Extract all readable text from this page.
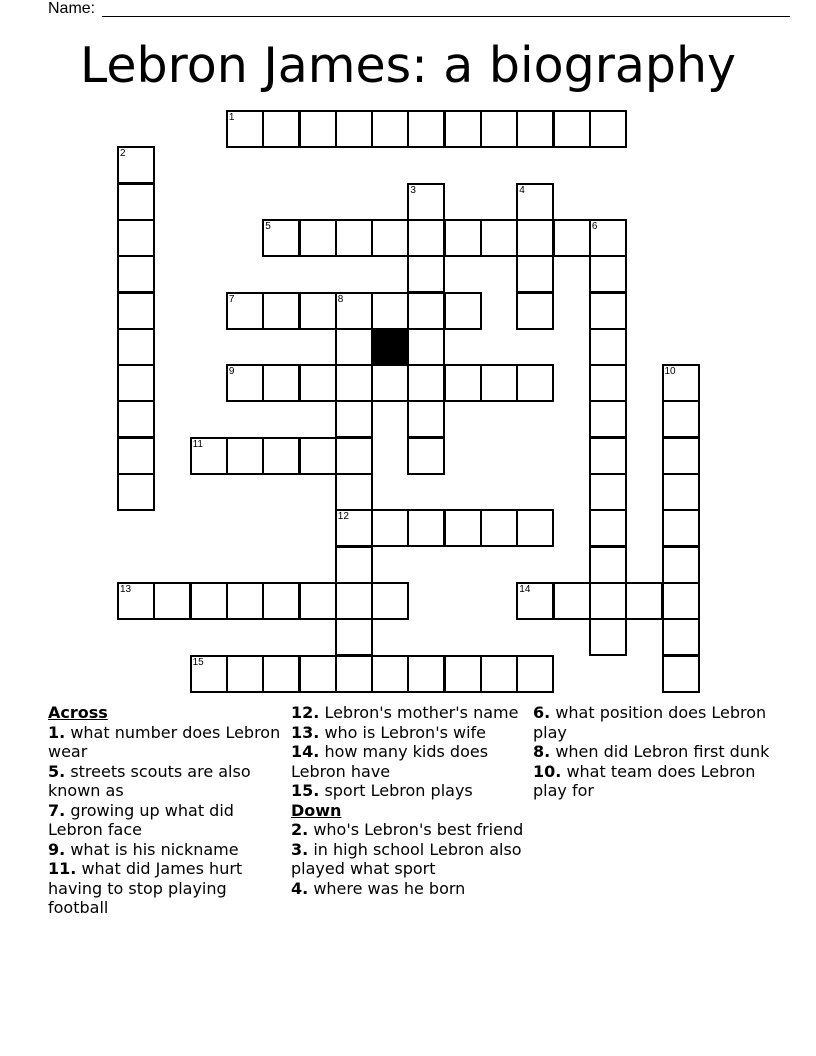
Name:
Lebron James: a biography
1
2
3	4
5	6
7	8
12
9	10
11
13	14
15
Across
1. what number does Lebron wear
5. streets scouts are also known as
7. growing up what did Lebron face
9. what is his nickname
11. what did James hurt having to stop playing football
12. Lebron's mother's name
13. who is Lebron's wife
14. how many kids does Lebron have
15. sport Lebron plays
Down
2. who's Lebron's best friend
3. in high school Lebron also played what sport
4. where was he born
6. what position does Lebron play
8. when did Lebron first dunk
10. what team does Lebron play for
